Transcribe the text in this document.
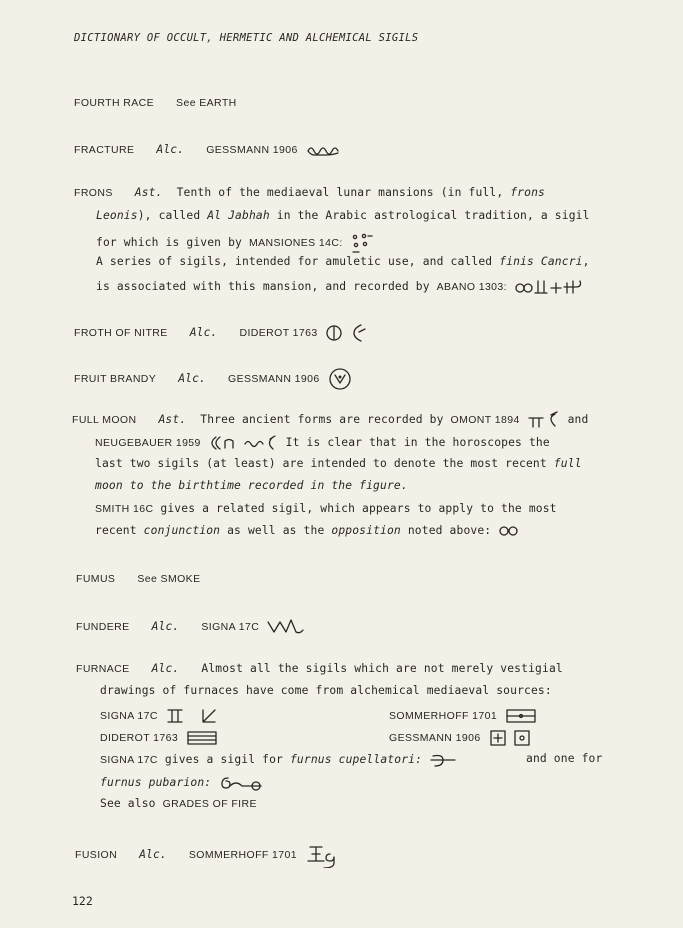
DICTIONARY OF OCCULT, HERMETIC AND ALCHEMICAL SIGILS
FOURTH RACE See EARTH
FRACTURE Alc. GESSMANN 1906
FRONS Ast. Tenth of the mediaeval lunar mansions (in full, frons
Leonis), called Al Jabhah in the Arabic astrological tradition, a sigil
for which is given by MANSIONES 14C:
A series of sigils, intended for amuletic use, and called finis Cancri,
is associated with this mansion, and recorded by ABANO 1303:
FROTH OF NITRE Alc. DIDEROT 1763
FRUIT BRANDY Alc. GESSMANN 1906
FULL MOON Ast. Three ancient forms are recorded by OMONT 1894	and
NEUGEBAUER 1959	It is clear that in the horoscopes the
last two sigils (at least) are intended to denote the most recent full
moon to the birthtime recorded in the figure.
SMITH 16C gives a related sigil, which appears to apply to the most
recent conjunction as well as the opposition noted above:
FUMUS See SMOKE
FUNDERE Alc. SIGNA 17C
FURNACE Alc. Almost all the sigils which are not merely vestigial
drawings of furnaces have come from alchemical mediaeval sources:
SIGNA 17C	SOMMERHOFF 1701
DIDEROT 1763	GESSMANN 1906
SIGNA 17C gives a sigil for furnus cupellatori:	and one for
furnus pubarion:
See also GRADES OF FIRE
FUSION Alc. SOMMERHOFF 1701
122
